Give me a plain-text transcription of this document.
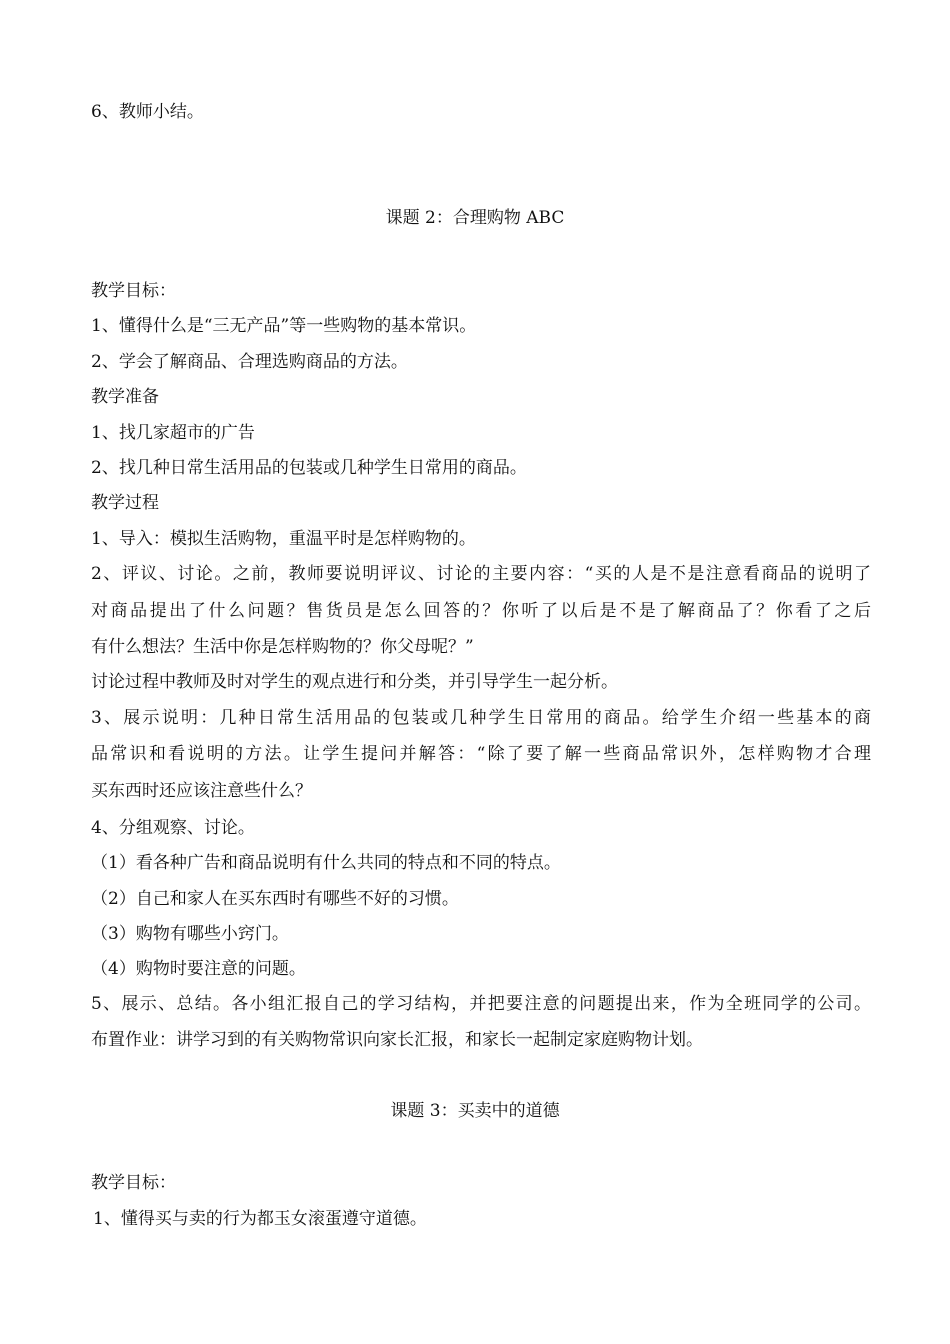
6、教师小结。
课题 2：合理购物 ABC
教学目标：
1、懂得什么是“三无产品”等一些购物的基本常识。
2、学会了解商品、合理选购商品的方法。
教学准备
1、找几家超市的广告
2、找几种日常生活用品的包装或几种学生日常用的商品。
教学过程
1、导入：模拟生活购物，重温平时是怎样购物的。
2、评议、讨论。之前，教师要说明评议、讨论的主要内容：“买的人是不是注意看商品的说明了
对商品提出了什么问题？售货员是怎么回答的？你听了以后是不是了解商品了？你看了之后
有什么想法？生活中你是怎样购物的？你父母呢？”
讨论过程中教师及时对学生的观点进行和分类，并引导学生一起分析。
3、展示说明：几种日常生活用品的包装或几种学生日常用的商品。给学生介绍一些基本的商
品常识和看说明的方法。让学生提问并解答：“除了要了解一些商品常识外，怎样购物才合理
买东西时还应该注意些什么？
4、分组观察、讨论。
（1）看各种广告和商品说明有什么共同的特点和不同的特点。
（2）自己和家人在买东西时有哪些不好的习惯。
（3）购物有哪些小窍门。
（4）购物时要注意的问题。
5、展示、总结。各小组汇报自己的学习结构，并把要注意的问题提出来，作为全班同学的公司。
布置作业：讲学习到的有关购物常识向家长汇报，和家长一起制定家庭购物计划。
课题 3：买卖中的道德
教学目标：
1、懂得买与卖的行为都玉女滚蛋遵守道德。
